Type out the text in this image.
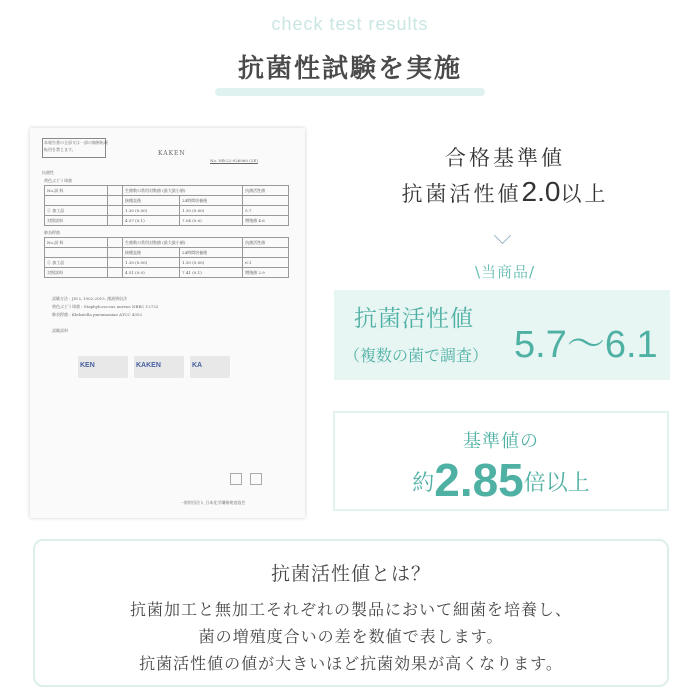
check test results
抗菌性試験を実施
本報告書の全部又は一部の無断転載
転用を禁じます。
KAKEN
No. NB-22-026060 (2E)
抗菌性
黄色ぶどう球菌
No.試 料		生菌数の常用対数値 (最大最小値)		抗菌活性値
		接種直後	24時間培養後	
① 加工品		1.30 (0.00)	1.30 (0.00)	5.7
対照試料		4.57 (0.1)	7.04 (0.0)	増殖値 4.6
肺炎桿菌
No.試 料		生菌数の常用対数値 (最大最小値)		抗菌活性値
		接種直後	24時間培養後	
① 加工品		1.30 (0.00)	1.30 (0.00)	6.1
対照試料		4.51 (0.0)	7.41 (0.1)	増殖値 2.9
試験方法 : JIS L 1902:2015, 菌液吸収法
黄色ぶどう球菌 : Staphylococcus aureus NBRC 12732
肺炎桿菌 : Klebsiella pneumoniae ATCC 4352
試験試料
KEN	KAKEN	KA
一般財団法人 日本化学繊維検査協会
合格基準値
抗菌活性値2.0以上
\当商品/
抗菌活性値
（複数の菌で調査） 5.7〜6.1
基準値の
約2.85倍以上
抗菌活性値とは？
抗菌加工と無加工それぞれの製品において細菌を培養し、
菌の増殖度合いの差を数値で表します。
抗菌活性値の値が大きいほど抗菌効果が高くなります。
